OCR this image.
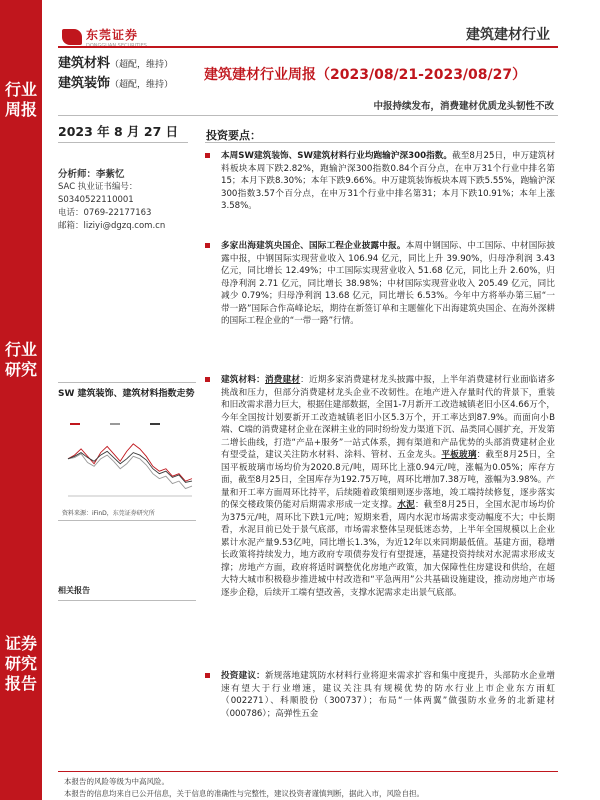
行业
周报
行业
研究
证券
研究
报告
东莞证券	建筑建材行业
建筑材料（超配，维持）
建筑装饰（超配，维持）
建筑建材行业周报（2023/08/21-2023/08/27）
中报持续发布，消费建材优质龙头韧性不改
2023 年 8 月 27 日	投资要点：
分析师：李紫忆
SAC 执业证书编号：
S0340522110001
电话：0769-22177163
邮箱：liziyi@dgzq.com.cn
SW 建筑装饰、建筑材料指数走势
资料来源：iFinD，东莞证券研究所
相关报告
本周SW建筑装饰、SW建筑材料行业均跑输沪深300指数。截至8月25日，申万建筑材料板块本周下跌2.82%，跑输沪深300指数0.84个百分点，在申万31个行业中排名第15；本月下跌8.30%；本年下跌9.66%。申万建筑装饰板块本周下跌5.55%，跑输沪深300指数3.57个百分点，在申万31个行业中排名第31；本月下跌10.91%；本年上涨3.58%。
多家出海建筑央国企、国际工程企业披露中报。本周中钢国际、中工国际、中材国际披露中报，中钢国际实现营业收入 106.94 亿元，同比上升 39.90%，归母净利润 3.43 亿元，同比增长 12.49%；中工国际实现营业收入 51.68 亿元，同比上升 2.60%，归母净利润 2.71 亿元，同比增长 38.98%；中材国际实现营业收入 205.49 亿元，同比减少 0.79%；归母净利润 13.68 亿元，同比增长 6.53%。今年中方将举办第三届“一带一路”国际合作高峰论坛，期待在新签订单和主题催化下出海建筑央国企、在海外深耕的国际工程企业的“一带一路”行情。
建筑材料：消费建材：近期多家消费建材龙头披露中报，上半年消费建材行业面临诸多挑战和压力，但部分消费建材龙头企业不改韧性。在地产进入存量时代的背景下，重装和旧改需求潜力巨大，根据住建部数据，全国1-7月新开工改造城镇老旧小区4.66万个，今年全国按计划要新开工改造城镇老旧小区5.3万个，开工率达到87.9%。而面向小B端、C端的消费建材企业在深耕主业的同时纷纷发力渠道下沉、品类同心圆扩充，开发第二增长曲线，打造“产品+服务”一站式体系，拥有渠道和产品优势的头部消费建材企业有望受益，建议关注防水材料、涂料、管材、五金龙头。平板玻璃：截至8月25日，全国平板玻璃市场均价为2020.8元/吨，周环比上涨0.94元/吨，涨幅为0.05%；库存方面，截至8月25日，全国库存为192.75万吨，周环比增加7.38万吨，涨幅为3.98%。产量和开工率方面周环比持平，后续随着政策细则逐步落地，竣工端持续修复，逐步落实的保交楼政策仍能对后期需求形成一定支撑。水泥：截至8月25日，全国水泥市场均价为375元/吨，周环比下跌1元/吨；短期来看，周内水泥市场需求变动幅度不大；中长期看，水泥目前已处于景气底部，市场需求整体呈现低迷态势，上半年全国规模以上企业累计水泥产量9.53亿吨，同比增长1.3%，为近12年以来同期最低值。基建方面，稳增长政策将持续发力，地方政府专项债券发行有望提速，基建投资持续对水泥需求形成支撑；房地产方面，政府将适时调整优化房地产政策，加大保障性住房建设和供给，在超大特大城市积极稳步推进城中村改造和“平急两用”公共基础设施建设，推动房地产市场逐步企稳，后续开工端有望改善，支撑水泥需求走出景气底部。
投资建议：新规落地建筑防水材料行业将迎来需求扩容和集中度提升，头部防水企业增速有望大于行业增速，建议关注具有规模优势的防水行业上市企业东方雨虹（002271）、科顺股份（300737）；布局“一体两翼”做强防水业务的北新建材（000786）；高弹性五金
本报告的风险等级为中高风险。
本报告的信息均来自已公开信息，关于信息的准确性与完整性，建议投资者谨慎判断，据此入市，风险自担。
